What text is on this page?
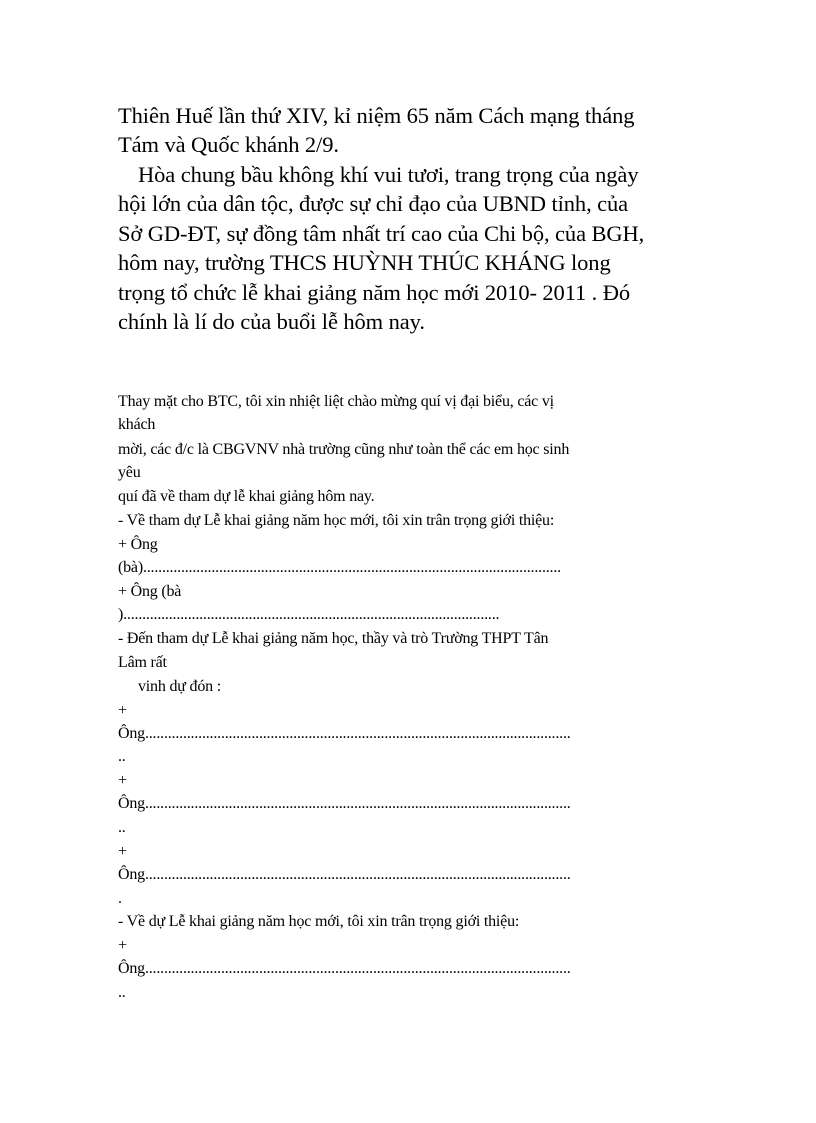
Thiên Huế lần thứ XIV, kỉ niệm 65 năm Cách mạng tháng

Tám và Quốc khánh 2/9.

Hòa chung bầu không khí vui tươi, trang trọng của ngày

hội lớn của dân tộc, được sự chỉ đạo của UBND tỉnh, của

Sở GD-ĐT, sự đồng tâm nhất trí cao của Chi bộ, của BGH,

hôm nay, trường THCS HUỲNH THÚC KHÁNG long

trọng tổ chức lễ khai giảng năm học mới 2010- 2011 . Đó

chính là lí do của buổi lễ hôm nay.

Thay mặt cho BTC, tôi xin nhiệt liệt chào mừng quí vị đại biểu, các vị

khách

mời, các đ/c là CBGVNV nhà trường cũng như toàn thể các em học sinh

yêu

quí đã về tham dự lễ khai giảng hôm nay.

- Về tham dự Lễ khai giảng năm học mới, tôi xin trân trọng giới thiệu:

+ Ông

(bà)..............................................................................................................

+ Ông (bà

)...................................................................................................

- Đến tham dự Lễ khai giảng năm học, thầy và trò Trường THPT Tân

Lâm rất

vinh dự đón :

+

Ông................................................................................................................

..

+

Ông................................................................................................................

..

+

Ông................................................................................................................

.

- Về dự Lễ khai giảng năm học mới, tôi xin trân trọng giới thiệu:

+

Ông................................................................................................................

..
